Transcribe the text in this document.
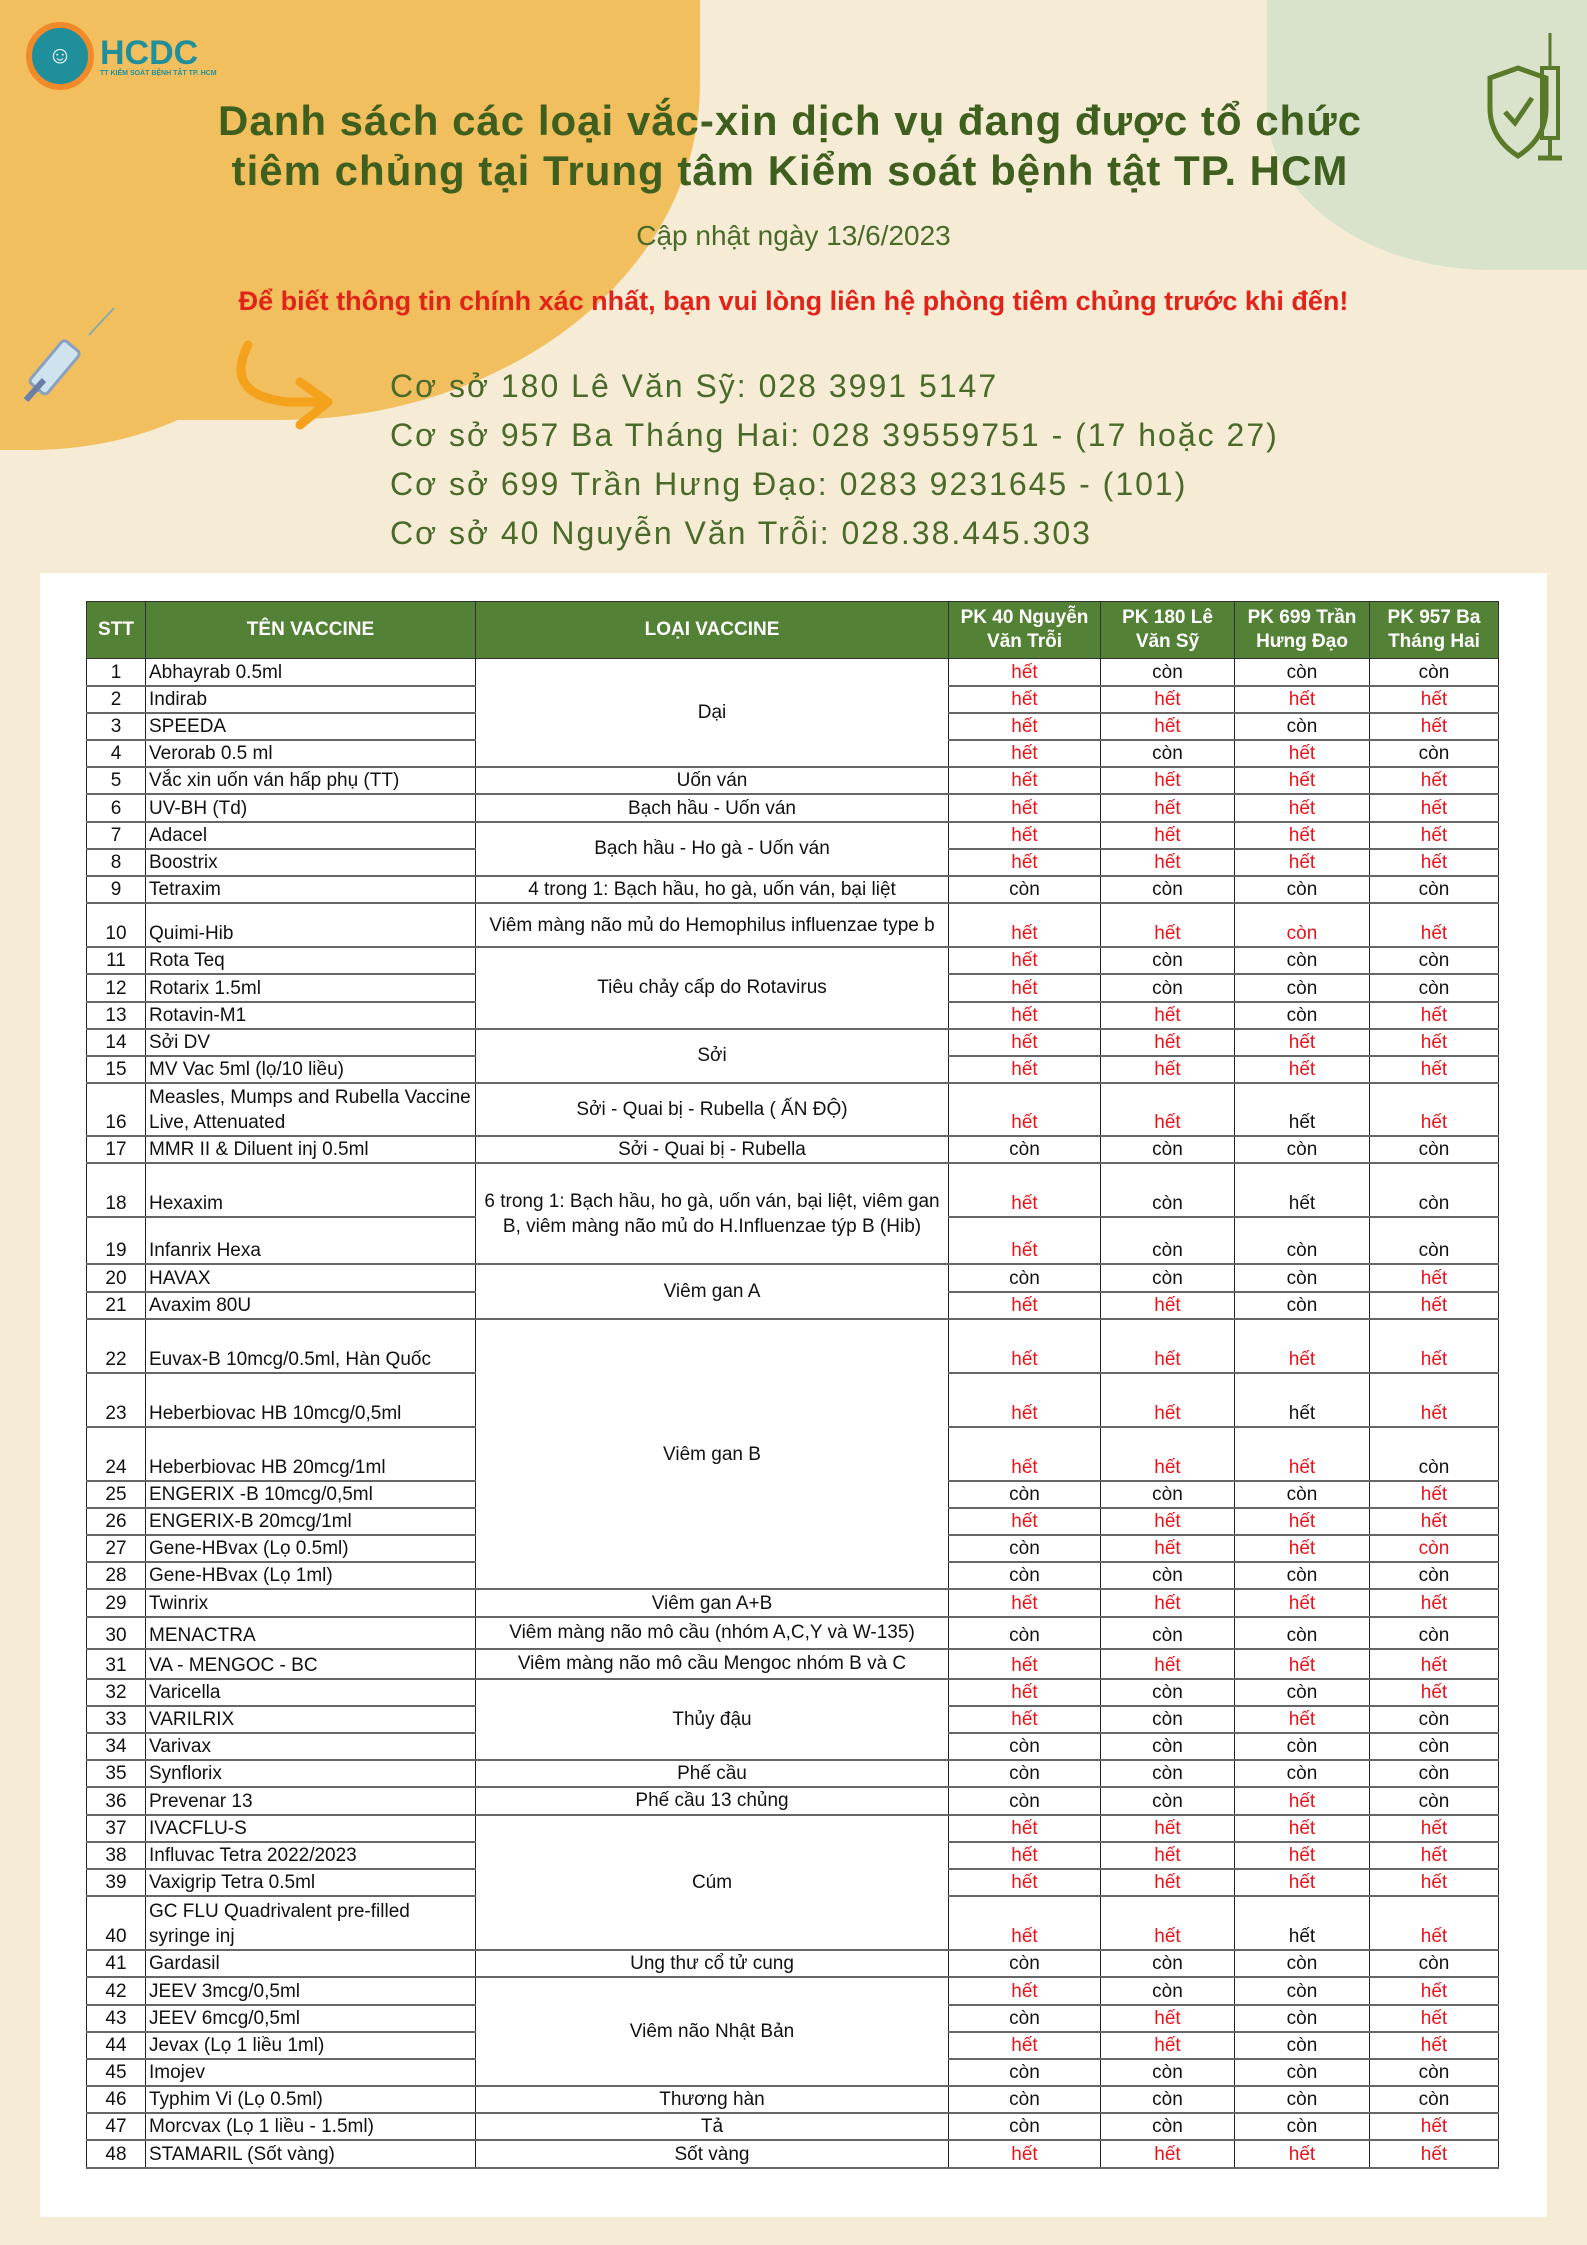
☺ HCDC
TT KIỂM SOÁT BỆNH TẬT TP. HCM
Danh sách các loại vắc-xin dịch vụ đang được tổ chức
tiêm chủng tại Trung tâm Kiểm soát bệnh tật TP. HCM
Cập nhật ngày 13/6/2023
Để biết thông tin chính xác nhất, bạn vui lòng liên hệ phòng tiêm chủng trước khi đến!
Cơ sở 180 Lê Văn Sỹ: 028 3991 5147
Cơ sở 957 Ba Tháng Hai: 028 39559751 - (17 hoặc 27)
Cơ sở 699 Trần Hưng Đạo: 0283 9231645 - (101)
Cơ sở 40 Nguyễn Văn Trỗi: 028.38.445.303
STT	TÊN VACCINE	LOẠI VACCINE	PK 40 Nguyễn Văn Trỗi	PK 180 Lê Văn Sỹ	PK 699 Trần Hưng Đạo	PK 957 Ba Tháng Hai
1	Abhayrab 0.5ml	Dại	hết	còn	còn	còn
2	Indirab		hết	hết	hết	hết
3	SPEEDA		hết	hết	còn	hết
4	Verorab 0.5 ml		hết	còn	hết	còn
5	Vắc xin uốn ván hấp phụ (TT)	Uốn ván	hết	hết	hết	hết
6	UV-BH (Td)	Bạch hầu - Uốn ván	hết	hết	hết	hết
7	Adacel	Bạch hầu - Ho gà - Uốn ván	hết	hết	hết	hết
8	Boostrix		hết	hết	hết	hết
9	Tetraxim	4 trong 1: Bạch hầu, ho gà, uốn ván, bại liệt	còn	còn	còn	còn
10	Quimi-Hib	Viêm màng não mủ do Hemophilus influenzae type b	hết	hết	còn	hết
11	Rota Teq	Tiêu chảy cấp do Rotavirus	hết	còn	còn	còn
12	Rotarix 1.5ml		hết	còn	còn	còn
13	Rotavin-M1		hết	hết	còn	hết
14	Sởi DV	Sởi	hết	hết	hết	hết
15	MV Vac 5ml (lọ/10 liều)		hết	hết	hết	hết
16	Measles, Mumps and Rubella Vaccine Live, Attenuated	Sởi - Quai bị - Rubella ( ẤN ĐỘ)	hết	hết	hết	hết
17	MMR II & Diluent inj 0.5ml	Sởi - Quai bị - Rubella	còn	còn	còn	còn
18	Hexaxim	6 trong 1: Bạch hầu, ho gà, uốn ván, bại liệt, viêm gan B, viêm màng não mủ do H.Influenzae týp B (Hib)	hết	còn	hết	còn
19	Infanrix Hexa		hết	còn	còn	còn
20	HAVAX	Viêm gan A	còn	còn	còn	hết
21	Avaxim 80U		hết	hết	còn	hết
22	Euvax-B 10mcg/0.5ml, Hàn Quốc	Viêm gan B	hết	hết	hết	hết
23	Heberbiovac HB 10mcg/0,5ml		hết	hết	hết	hết
24	Heberbiovac HB 20mcg/1ml		hết	hết	hết	còn
25	ENGERIX -B 10mcg/0,5ml		còn	còn	còn	hết
26	ENGERIX-B 20mcg/1ml		hết	hết	hết	hết
27	Gene-HBvax (Lọ 0.5ml)		còn	hết	hết	còn
28	Gene-HBvax (Lọ 1ml)		còn	còn	còn	còn
29	Twinrix	Viêm gan A+B	hết	hết	hết	hết
30	MENACTRA	Viêm màng não mô cầu (nhóm A,C,Y và W-135)	còn	còn	còn	còn
31	VA - MENGOC - BC	Viêm màng não mô cầu Mengoc nhóm B và C	hết	hết	hết	hết
32	Varicella	Thủy đậu	hết	còn	còn	hết
33	VARILRIX		hết	còn	hết	còn
34	Varivax		còn	còn	còn	còn
35	Synflorix	Phế cầu	còn	còn	còn	còn
36	Prevenar 13	Phế cầu 13 chủng	còn	còn	hết	còn
37	IVACFLU-S	Cúm	hết	hết	hết	hết
38	Influvac Tetra 2022/2023		hết	hết	hết	hết
39	Vaxigrip Tetra 0.5ml		hết	hết	hết	hết
40	GC FLU Quadrivalent pre-filled syringe inj		hết	hết	hết	hết
41	Gardasil	Ung thư cổ tử cung	còn	còn	còn	còn
42	JEEV 3mcg/0,5ml	Viêm não Nhật Bản	hết	còn	còn	hết
43	JEEV 6mcg/0,5ml		còn	hết	còn	hết
44	Jevax (Lọ 1 liều 1ml)		hết	hết	còn	hết
45	Imojev		còn	còn	còn	còn
46	Typhim Vi (Lọ 0.5ml)	Thương hàn	còn	còn	còn	còn
47	Morcvax (Lọ 1 liều - 1.5ml)	Tả	còn	còn	còn	hết
48	STAMARIL (Sốt vàng)	Sốt vàng	hết	hết	hết	hết
